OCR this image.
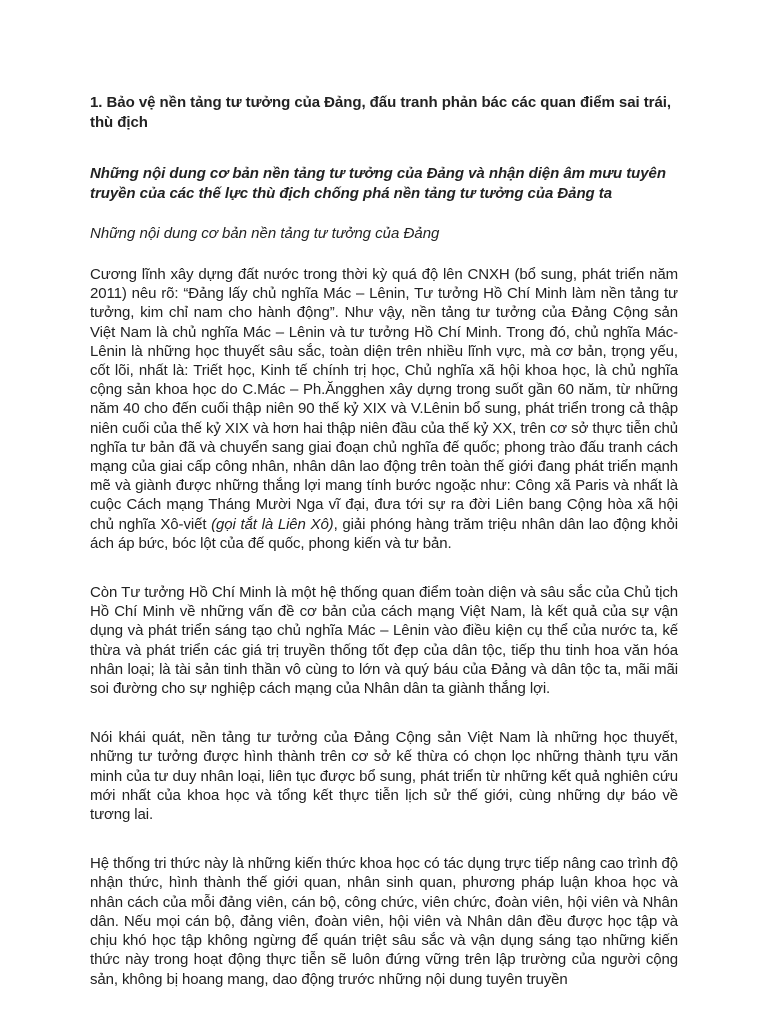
1. Bảo vệ nền tảng tư tưởng của Đảng, đấu tranh phản bác các quan điểm sai trái, thù địch
Những nội dung cơ bản nền tảng tư tưởng của Đảng và nhận diện âm mưu tuyên truyền của các thế lực thù địch chống phá nền tảng tư tưởng của Đảng ta
Những nội dung cơ bản nền tảng tư tưởng của Đảng

Cương lĩnh xây dựng đất nước trong thời kỳ quá độ lên CNXH (bổ sung, phát triển năm 2011) nêu rõ: “Đảng lấy chủ nghĩa Mác – Lênin, Tư tưởng Hồ Chí Minh làm nền tảng tư tưởng, kim chỉ nam cho hành động”. Như vậy, nền tảng tư tưởng của Đảng Cộng sản Việt Nam là chủ nghĩa Mác – Lênin và tư tưởng Hồ Chí Minh. Trong đó, chủ nghĩa Mác-Lênin là những học thuyết sâu sắc, toàn diện trên nhiều lĩnh vực, mà cơ bản, trọng yếu, cốt lõi, nhất là: Triết học, Kinh tế chính trị học, Chủ nghĩa xã hội khoa học, là chủ nghĩa cộng sản khoa học do C.Mác – Ph.Ăngghen xây dựng trong suốt gần 60 năm, từ những năm 40 cho đến cuối thập niên 90 thế kỷ XIX và V.Lênin bổ sung, phát triển trong cả thập niên cuối của thế kỷ XIX và hơn hai thập niên đầu của thế kỷ XX, trên cơ sở thực tiễn chủ nghĩa tư bản đã và chuyển sang giai đoạn chủ nghĩa đế quốc; phong trào đấu tranh cách mạng của giai cấp công nhân, nhân dân lao động trên toàn thế giới đang phát triển mạnh mẽ và giành được những thắng lợi mang tính bước ngoặc như: Công xã Paris và nhất là cuộc Cách mạng Tháng Mười Nga vĩ đại, đưa tới sự ra đời Liên bang Cộng hòa xã hội chủ nghĩa Xô-viết (gọi tắt là Liên Xô), giải phóng hàng trăm triệu nhân dân lao động khỏi ách áp bức, bóc lột của đế quốc, phong kiến và tư bản.

Còn Tư tưởng Hồ Chí Minh là một hệ thống quan điểm toàn diện và sâu sắc của Chủ tịch Hồ Chí Minh về những vấn đề cơ bản của cách mạng Việt Nam, là kết quả của sự vận dụng và phát triển sáng tạo chủ nghĩa Mác – Lênin vào điều kiện cụ thể của nước ta, kế thừa và phát triển các giá trị truyền thống tốt đẹp của dân tộc, tiếp thu tinh hoa văn hóa nhân loại; là tài sản tinh thần vô cùng to lớn và quý báu của Đảng và dân tộc ta, mãi mãi soi đường cho sự nghiệp cách mạng của Nhân dân ta giành thắng lợi.

Nói khái quát, nền tảng tư tưởng của Đảng Cộng sản Việt Nam là những học thuyết, những tư tưởng được hình thành trên cơ sở kế thừa có chọn lọc những thành tựu văn minh của tư duy nhân loại, liên tục được bổ sung, phát triển từ những kết quả nghiên cứu mới nhất của khoa học và tổng kết thực tiễn lịch sử thế giới, cùng những dự báo về tương lai.

Hệ thống tri thức này là những kiến thức khoa học có tác dụng trực tiếp nâng cao trình độ nhận thức, hình thành thế giới quan, nhân sinh quan, phương pháp luận khoa học và nhân cách của mỗi đảng viên, cán bộ, công chức, viên chức, đoàn viên, hội viên và Nhân dân. Nếu mọi cán bộ, đảng viên, đoàn viên, hội viên và Nhân dân đều được học tập và chịu khó học tập không ngừng để quán triệt sâu sắc và vận dụng sáng tạo những kiến thức này trong hoạt động thực tiễn sẽ luôn đứng vững trên lập trường của người cộng sản, không bị hoang mang, dao động trước những nội dung tuyên truyền
